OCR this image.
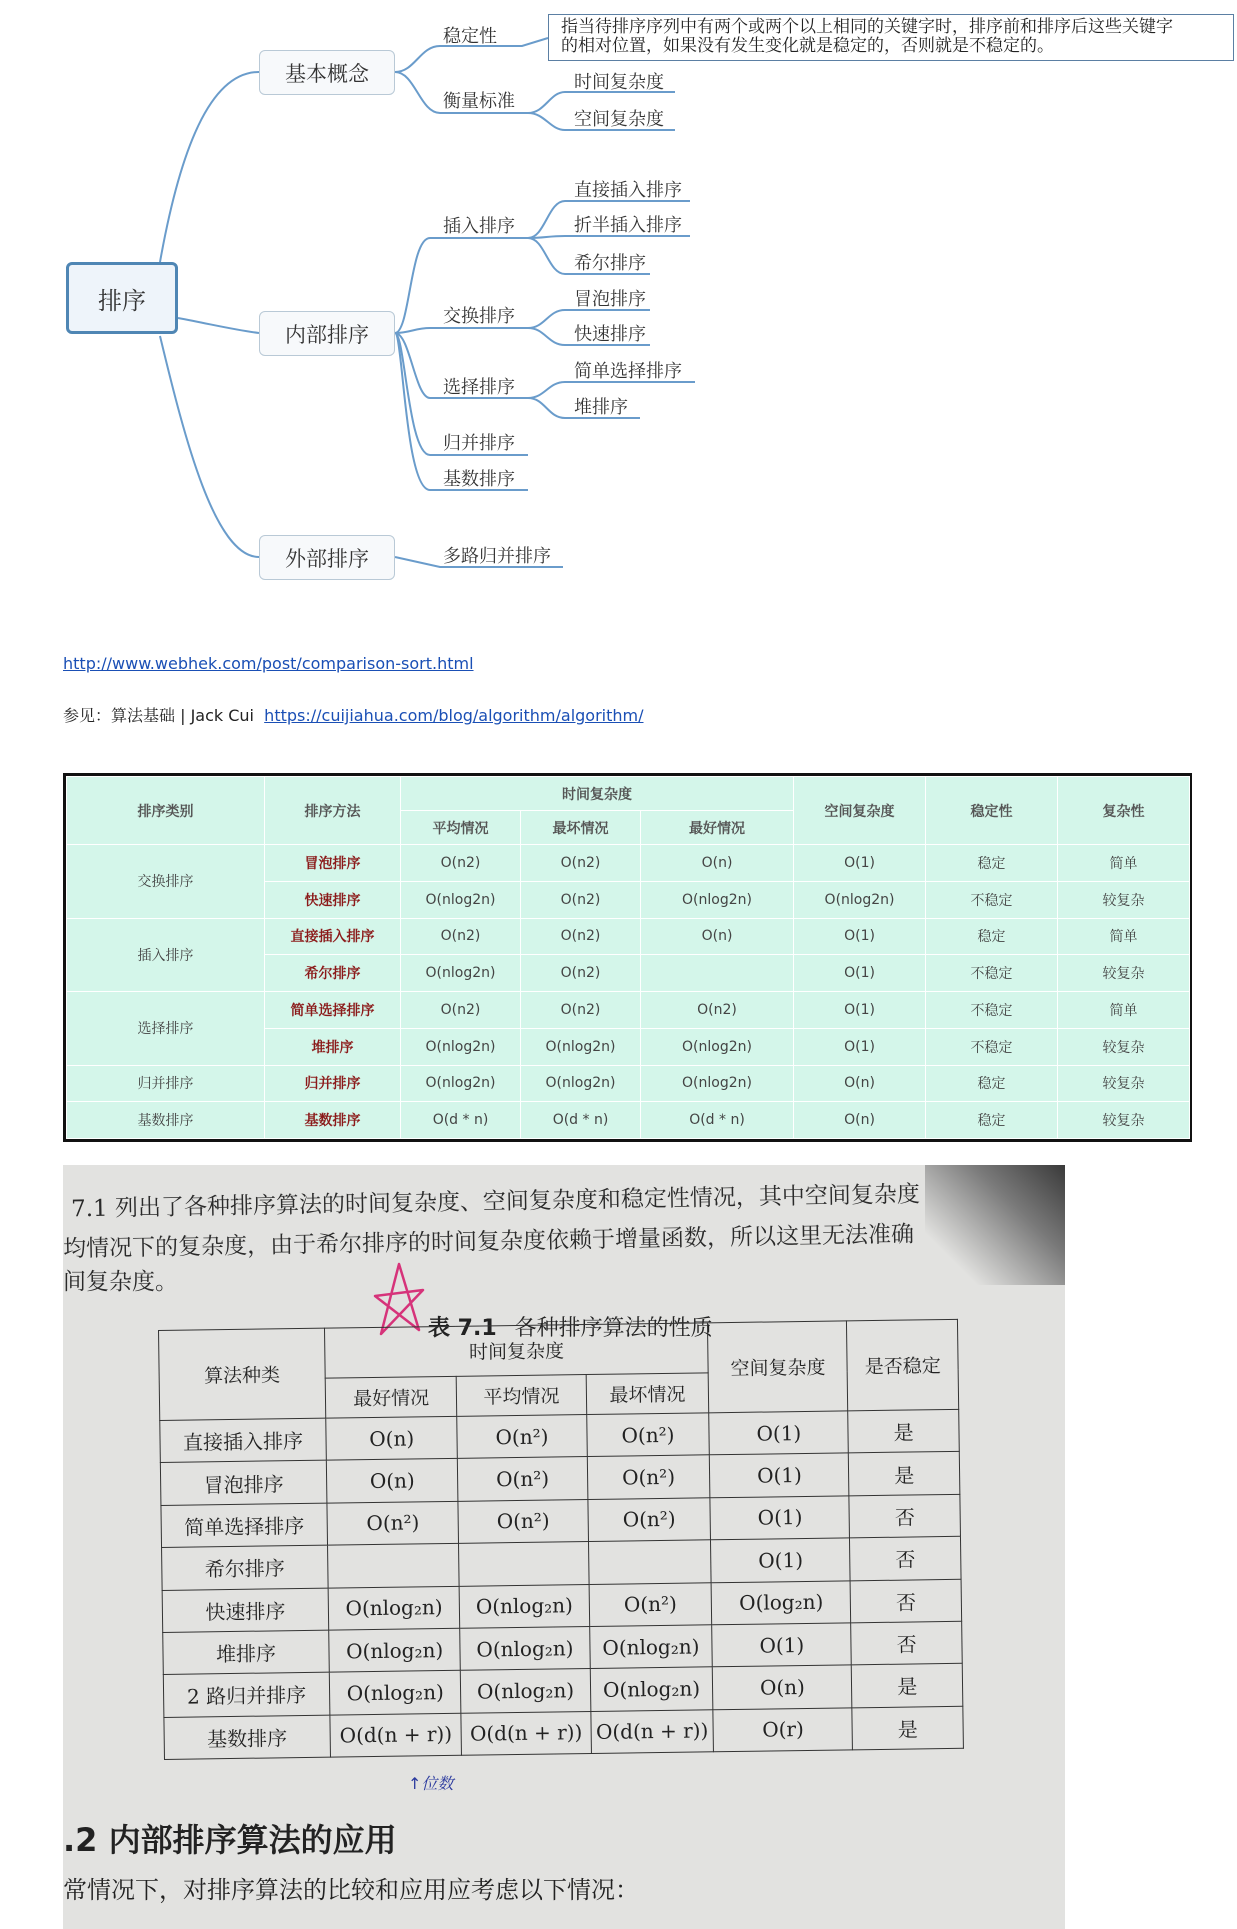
排序
基本概念
稳定性	指当待排序序列中有两个或两个以上相同的关键字时，排序前和排序后这些关键字
的相对位置，如果没有发生变化就是稳定的，否则就是不稳定的。
衡量标准
时间复杂度
空间复杂度
内部排序
插入排序
直接插入排序
折半插入排序
希尔排序
交换排序
冒泡排序
快速排序
选择排序
简单选择排序
堆排序
归并排序
基数排序
外部排序	多路归并排序
http://www.webhek.com/post/comparison-sort.html
参见：算法基础 | Jack Cui https://cuijiahua.com/blog/algorithm/algorithm/
排序类别	排序方法	时间复杂度			空间复杂度	稳定性	复杂性
		平均情况	最坏情况	最好情况			
交换排序	冒泡排序	O(n2)	O(n2)	O(n)	O(1)	稳定	简单
	快速排序	O(nlog2n)	O(n2)	O(nlog2n)	O(nlog2n)	不稳定	较复杂
插入排序	直接插入排序	O(n2)	O(n2)	O(n)	O(1)	稳定	简单
	希尔排序	O(nlog2n)	O(n2)		O(1)	不稳定	较复杂
选择排序	简单选择排序	O(n2)	O(n2)	O(n2)	O(1)	不稳定	简单
	堆排序	O(nlog2n)	O(nlog2n)	O(nlog2n)	O(1)	不稳定	较复杂
归并排序	归并排序	O(nlog2n)	O(nlog2n)	O(nlog2n)	O(n)	稳定	较复杂
基数排序	基数排序	O(d * n)	O(d * n)	O(d * n)	O(n)	稳定	较复杂
7.1 列出了各种排序算法的时间复杂度、空间复杂度和稳定性情况，其中空间复杂度
均情况下的复杂度，由于希尔排序的时间复杂度依赖于增量函数，所以这里无法准确
间复杂度。
表 7.1 各种排序算法的性质
算法种类	时间复杂度			空间复杂度	是否稳定
	最好情况	平均情况	最坏情况		
直接插入排序	O(n)	O(n²)	O(n²)	O(1)	是
冒泡排序	O(n)	O(n²)	O(n²)	O(1)	是
简单选择排序	O(n²)	O(n²)	O(n²)	O(1)	否
希尔排序				O(1)	否
快速排序	O(nlog₂n)	O(nlog₂n)	O(n²)	O(log₂n)	否
堆排序	O(nlog₂n)	O(nlog₂n)	O(nlog₂n)	O(1)	否
2 路归并排序	O(nlog₂n)	O(nlog₂n)	O(nlog₂n)	O(n)	是
基数排序	O(d(n + r))	O(d(n + r))	O(d(n + r))	O(r)	是
↑位数
.2 内部排序算法的应用
常情况下，对排序算法的比较和应用应考虑以下情况：
